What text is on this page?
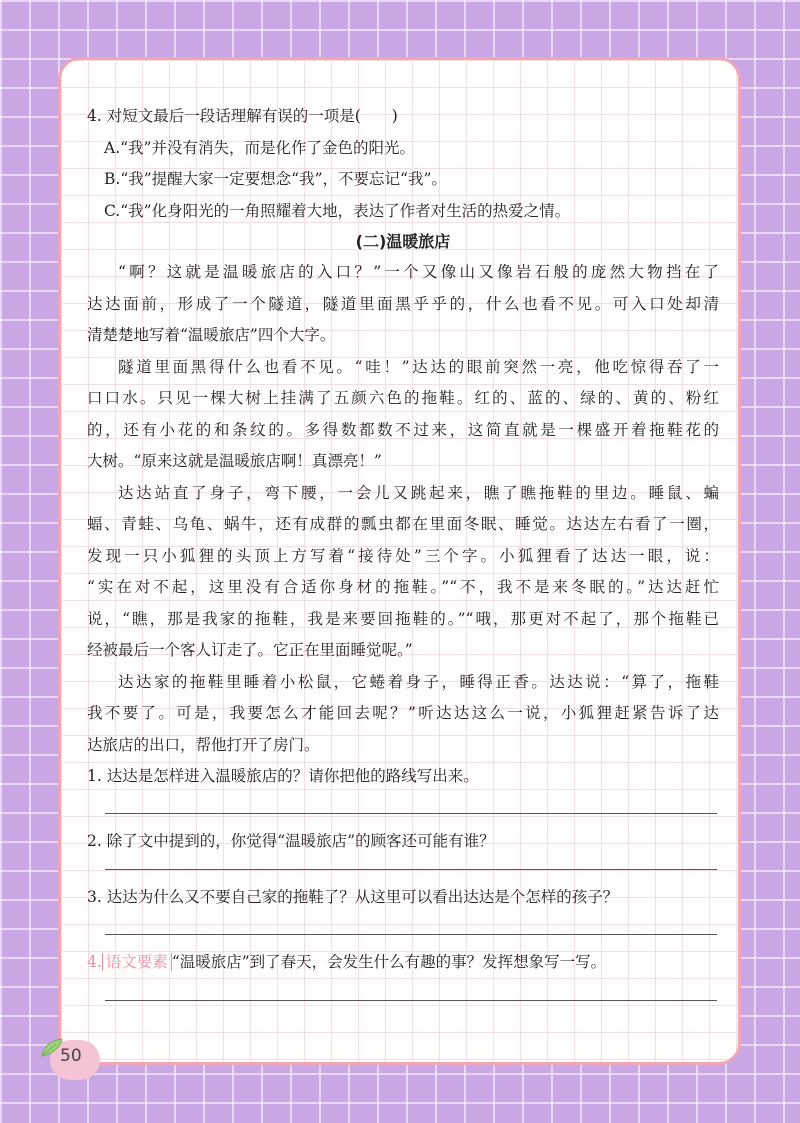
4. 对短文最后一段话理解有误的一项是(　　)
A.“我”并没有消失，而是化作了金色的阳光。
B.“我”提醒大家一定要想念“我”，不要忘记“我”。
C.“我”化身阳光的一角照耀着大地，表达了作者对生活的热爱之情。
(二)温暖旅店
“啊？这就是温暖旅店的入口？”一个又像山又像岩石般的庞然大物挡在了
达达面前，形成了一个隧道，隧道里面黑乎乎的，什么也看不见。可入口处却清
清楚楚地写着“温暖旅店”四个大字。
隧道里面黑得什么也看不见。“哇！”达达的眼前突然一亮，他吃惊得吞了一
口口水。只见一棵大树上挂满了五颜六色的拖鞋。红的、蓝的、绿的、黄的、粉红
的，还有小花的和条纹的。多得数都数不过来，这简直就是一棵盛开着拖鞋花的
大树。“原来这就是温暖旅店啊！真漂亮！”
达达站直了身子，弯下腰，一会儿又跳起来，瞧了瞧拖鞋的里边。睡鼠、蝙
蝠、青蛙、乌龟、蜗牛，还有成群的瓢虫都在里面冬眠、睡觉。达达左右看了一圈，
发现一只小狐狸的头顶上方写着“接待处”三个字。小狐狸看了达达一眼，说：
“实在对不起，这里没有合适你身材的拖鞋。”“不，我不是来冬眠的。”达达赶忙
说，“瞧，那是我家的拖鞋，我是来要回拖鞋的。”“哦，那更对不起了，那个拖鞋已
经被最后一个客人订走了。它正在里面睡觉呢。”
达达家的拖鞋里睡着小松鼠，它蜷着身子，睡得正香。达达说：“算了，拖鞋
我不要了。可是，我要怎么才能回去呢？”听达达这么一说，小狐狸赶紧告诉了达
达旅店的出口，帮他打开了房门。
1. 达达是怎样进入温暖旅店的？请你把他的路线写出来。
2. 除了文中提到的，你觉得“温暖旅店”的顾客还可能有谁？
3. 达达为什么又不要自己家的拖鞋了？从这里可以看出达达是个怎样的孩子？
4. 语文要素 “温暖旅店”到了春天，会发生什么有趣的事？发挥想象写一写。
50
